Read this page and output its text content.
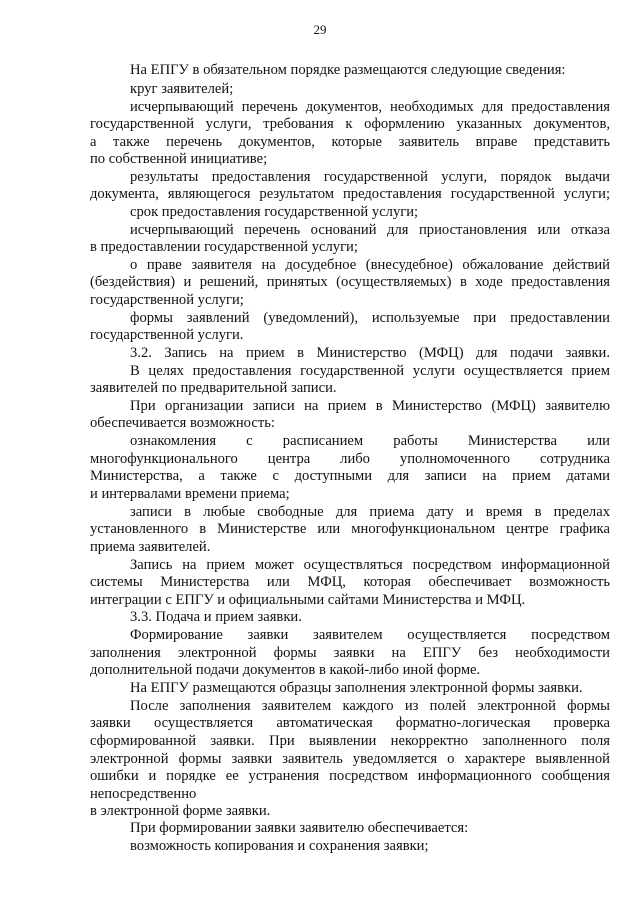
29
На ЕПГУ в обязательном порядке размещаются следующие сведения:
круг заявителей;
исчерпывающий перечень документов, необходимых для предоставления
государственной услуги, требования к оформлению указанных документов,
а также перечень документов, которые заявитель вправе представить
по собственной инициативе;
результаты предоставления государственной услуги, порядок выдачи
документа, являющегося результатом предоставления государственной услуги;
срок предоставления государственной услуги;
исчерпывающий перечень оснований для приостановления или отказа
в предоставлении государственной услуги;
о праве заявителя на досудебное (внесудебное) обжалование действий
(бездействия) и решений, принятых (осуществляемых) в ходе предоставления
государственной услуги;
формы заявлений (уведомлений), используемые при предоставлении
государственной услуги.
3.2. Запись на прием в Министерство (МФЦ) для подачи заявки.
В целях предоставления государственной услуги осуществляется прием
заявителей по предварительной записи.
При организации записи на прием в Министерство (МФЦ) заявителю
обеспечивается возможность:
ознакомления с расписанием работы Министерства или
многофункционального центра либо уполномоченного сотрудника
Министерства, а также с доступными для записи на прием датами
и интервалами времени приема;
записи в любые свободные для приема дату и время в пределах
установленного в Министерстве или многофункциональном центре графика
приема заявителей.
Запись на прием может осуществляться посредством информационной
системы Министерства или МФЦ, которая обеспечивает возможность
интеграции с ЕПГУ и официальными сайтами Министерства и МФЦ.
3.3. Подача и прием заявки.
Формирование заявки заявителем осуществляется посредством
заполнения электронной формы заявки на ЕПГУ без необходимости
дополнительной подачи документов в какой-либо иной форме.
На ЕПГУ размещаются образцы заполнения электронной формы заявки.
После заполнения заявителем каждого из полей электронной формы
заявки осуществляется автоматическая форматно-логическая проверка
сформированной заявки. При выявлении некорректно заполненного поля
электронной формы заявки заявитель уведомляется о характере выявленной
ошибки и порядке ее устранения посредством информационного сообщения
непосредственно
в электронной форме заявки.
При формировании заявки заявителю обеспечивается:
возможность копирования и сохранения заявки;
